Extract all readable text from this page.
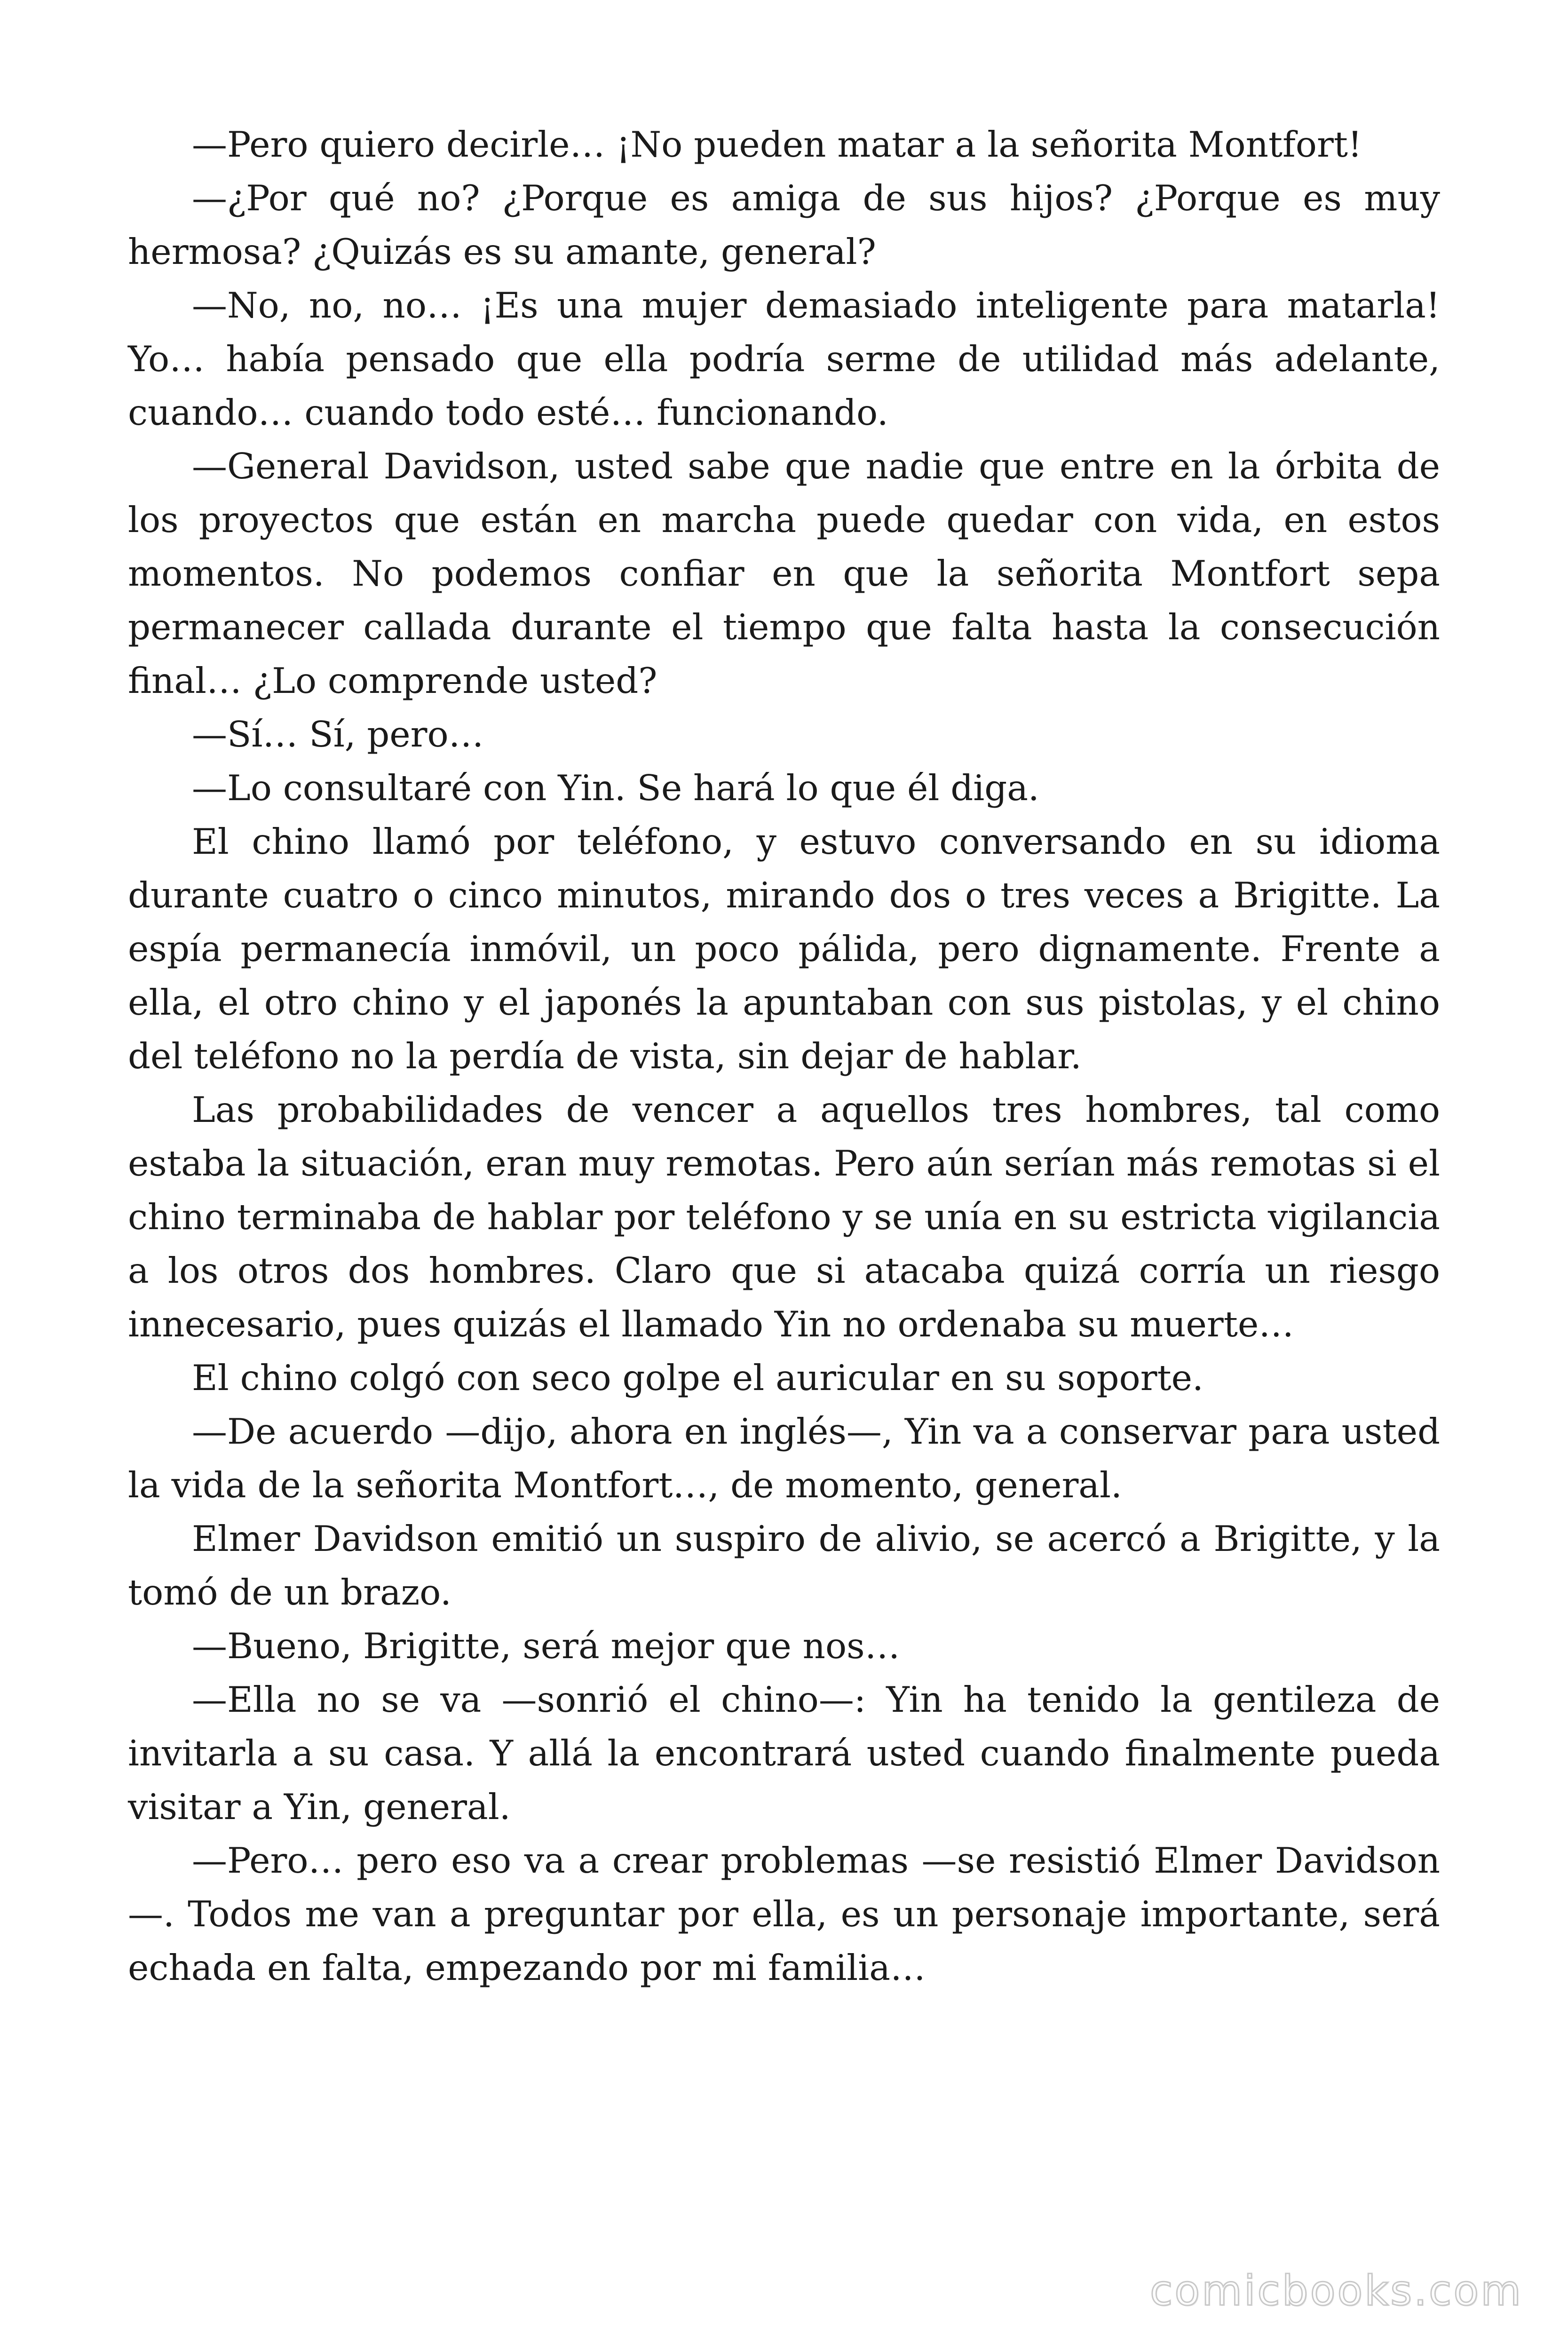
—Pero quiero decirle… ¡No pueden matar a la señorita Montfort!

—¿Por qué no? ¿Porque es amiga de sus hijos? ¿Porque es muy hermosa? ¿Quizás es su amante, general?

—No, no, no… ¡Es una mujer demasiado inteligente para matarla! Yo… había pensado que ella podría serme de utilidad más adelante, cuando… cuando todo esté… funcionando.

—General Davidson, usted sabe que nadie que entre en la órbita de los proyectos que están en marcha puede quedar con vida, en estos momentos. No podemos confiar en que la señorita Montfort sepa permanecer callada durante el tiempo que falta hasta la consecución final… ¿Lo comprende usted?

—Sí… Sí, pero…

—Lo consultaré con Yin. Se hará lo que él diga.

El chino llamó por teléfono, y estuvo conversando en su idioma durante cuatro o cinco minutos, mirando dos o tres veces a Brigitte. La espía permanecía inmóvil, un poco pálida, pero dignamente. Frente a ella, el otro chino y el japonés la apuntaban con sus pistolas, y el chino del teléfono no la perdía de vista, sin dejar de hablar.

Las probabilidades de vencer a aquellos tres hombres, tal como estaba la situación, eran muy remotas. Pero aún serían más remotas si el chino terminaba de hablar por teléfono y se unía en su estricta vigilancia a los otros dos hombres. Claro que si atacaba quizá corría un riesgo innecesario, pues quizás el llamado Yin no ordenaba su muerte…

El chino colgó con seco golpe el auricular en su soporte.

—De acuerdo —dijo, ahora en inglés—, Yin va a conservar para usted la vida de la señorita Montfort…, de momento, general.

Elmer Davidson emitió un suspiro de alivio, se acercó a Brigitte, y la tomó de un brazo.

—Bueno, Brigitte, será mejor que nos…

—Ella no se va —sonrió el chino—: Yin ha tenido la gentileza de invitarla a su casa. Y allá la encontrará usted cuando finalmente pueda visitar a Yin, general.

—Pero… pero eso va a crear problemas —se resistió Elmer Davidson—. Todos me van a preguntar por ella, es un personaje importante, será echada en falta, empezando por mi familia…

comicbooks.com
